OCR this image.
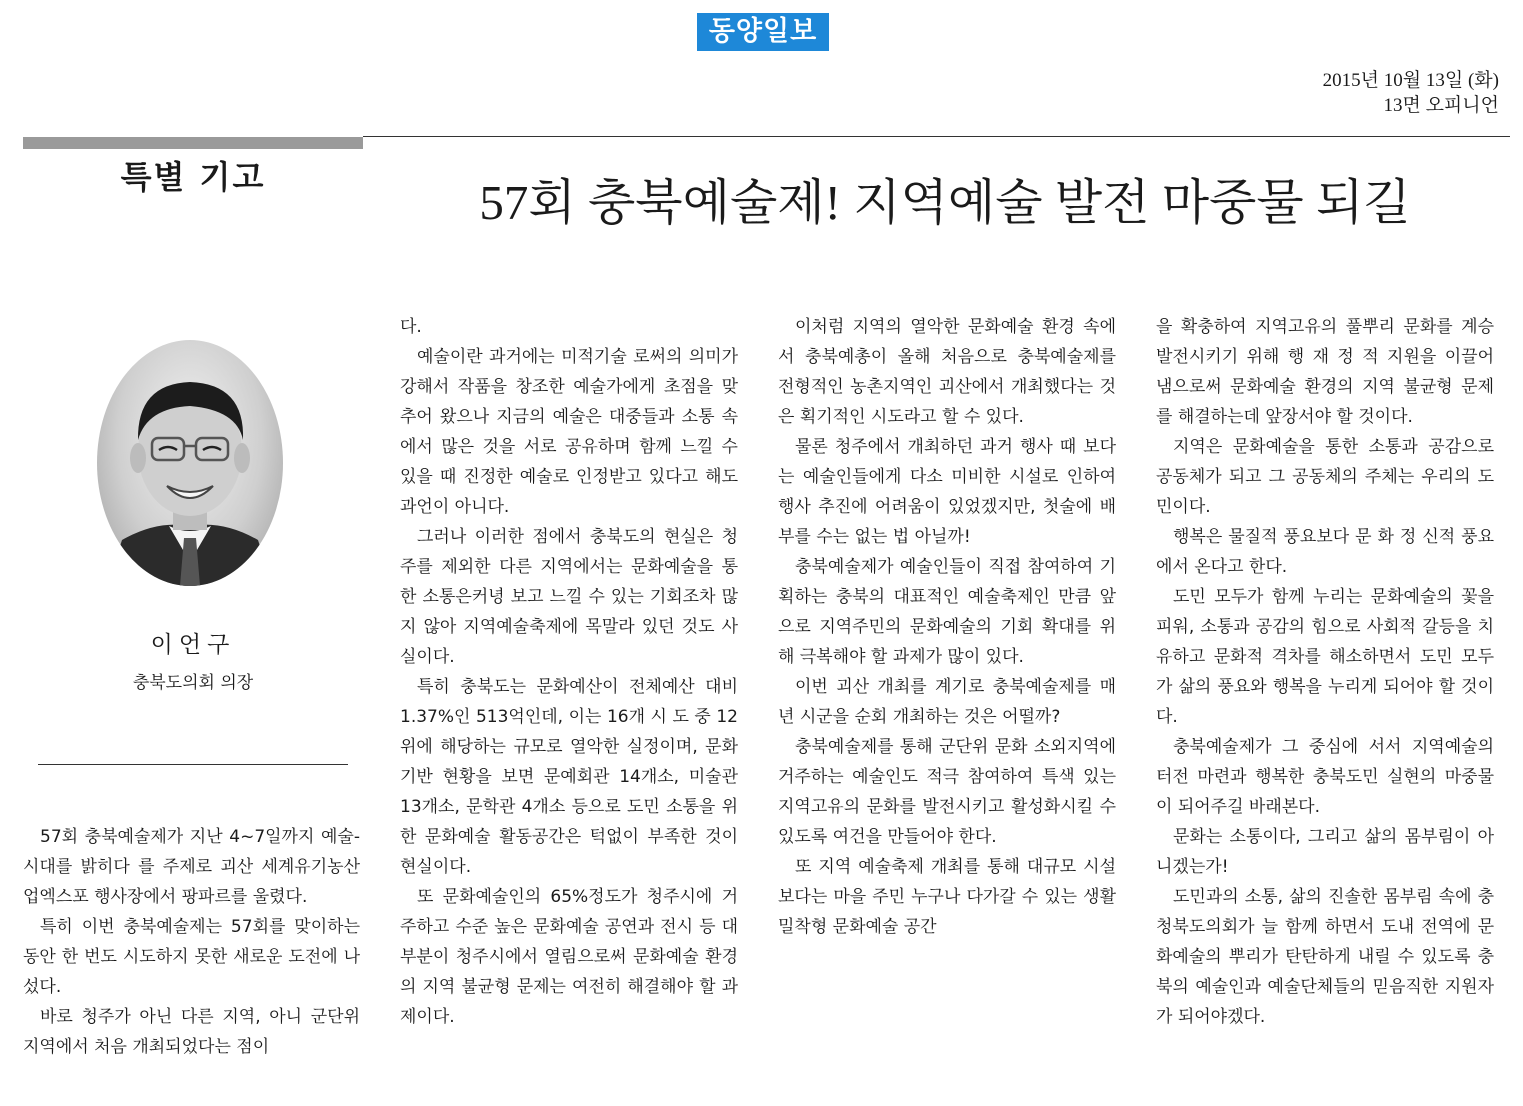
동양일보
2015년 10월 13일 (화)
13면 오피니언
특별 기고	57회 충북예술제! 지역예술 발전 마중물 되길
이언구
충북도의회 의장

57회 충북예술제가 지난 4~7일까지 예술-시대를 밝히다 를 주제로 괴산 세계유기농산업엑스포 행사장에서 팡파르를 울렸다.

특히 이번 충북예술제는 57회를 맞이하는 동안 한 번도 시도하지 못한 새로운 도전에 나섰다.

바로 청주가 아닌 다른 지역, 아니 군단위 지역에서 처음 개최되었다는 점이

다.

예술이란 과거에는 미적기술 로써의 의미가 강해서 작품을 창조한 예술가에게 초점을 맞추어 왔으나 지금의 예술은 대중들과 소통 속에서 많은 것을 서로 공유하며 함께 느낄 수 있을 때 진정한 예술로 인정받고 있다고 해도 과언이 아니다.

그러나 이러한 점에서 충북도의 현실은 청주를 제외한 다른 지역에서는 문화예술을 통한 소통은커녕 보고 느낄 수 있는 기회조차 많지 않아 지역예술축제에 목말라 있던 것도 사실이다.

특히 충북도는 문화예산이 전체예산 대비 1.37%인 513억인데, 이는 16개 시 도 중 12위에 해당하는 규모로 열악한 실정이며, 문화기반 현황을 보면 문예회관 14개소, 미술관 13개소, 문학관 4개소 등으로 도민 소통을 위한 문화예술 활동공간은 턱없이 부족한 것이 현실이다.

또 문화예술인의 65%정도가 청주시에 거주하고 수준 높은 문화예술 공연과 전시 등 대부분이 청주시에서 열림으로써 문화예술 환경의 지역 불균형 문제는 여전히 해결해야 할 과제이다.

이처럼 지역의 열악한 문화예술 환경 속에서 충북예총이 올해 처음으로 충북예술제를 전형적인 농촌지역인 괴산에서 개최했다는 것은 획기적인 시도라고 할 수 있다.

물론 청주에서 개최하던 과거 행사 때 보다는 예술인들에게 다소 미비한 시설로 인하여 행사 추진에 어려움이 있었겠지만, 첫술에 배부를 수는 없는 법 아닐까!

충북예술제가 예술인들이 직접 참여하여 기획하는 충북의 대표적인 예술축제인 만큼 앞으로 지역주민의 문화예술의 기회 확대를 위해 극복해야 할 과제가 많이 있다.

이번 괴산 개최를 계기로 충북예술제를 매년 시군을 순회 개최하는 것은 어떨까?

충북예술제를 통해 군단위 문화 소외지역에 거주하는 예술인도 적극 참여하여 특색 있는 지역고유의 문화를 발전시키고 활성화시킬 수 있도록 여건을 만들어야 한다.

또 지역 예술축제 개최를 통해 대규모 시설보다는 마을 주민 누구나 다가갈 수 있는 생활밀착형 문화예술 공간

을 확충하여 지역고유의 풀뿌리 문화를 계승 발전시키기 위해 행 재 정 적 지원을 이끌어 냄으로써 문화예술 환경의 지역 불균형 문제를 해결하는데 앞장서야 할 것이다.

지역은 문화예술을 통한 소통과 공감으로 공동체가 되고 그 공동체의 주체는 우리의 도민이다.

행복은 물질적 풍요보다 문 화 정 신적 풍요에서 온다고 한다.

도민 모두가 함께 누리는 문화예술의 꽃을 피워, 소통과 공감의 힘으로 사회적 갈등을 치유하고 문화적 격차를 해소하면서 도민 모두가 삶의 풍요와 행복을 누리게 되어야 할 것이다.

충북예술제가 그 중심에 서서 지역예술의 터전 마련과 행복한 충북도민 실현의 마중물이 되어주길 바래본다.

문화는 소통이다, 그리고 삶의 몸부림이 아니겠는가!

도민과의 소통, 삶의 진솔한 몸부림 속에 충청북도의회가 늘 함께 하면서 도내 전역에 문화예술의 뿌리가 탄탄하게 내릴 수 있도록 충북의 예술인과 예술단체들의 믿음직한 지원자가 되어야겠다.
